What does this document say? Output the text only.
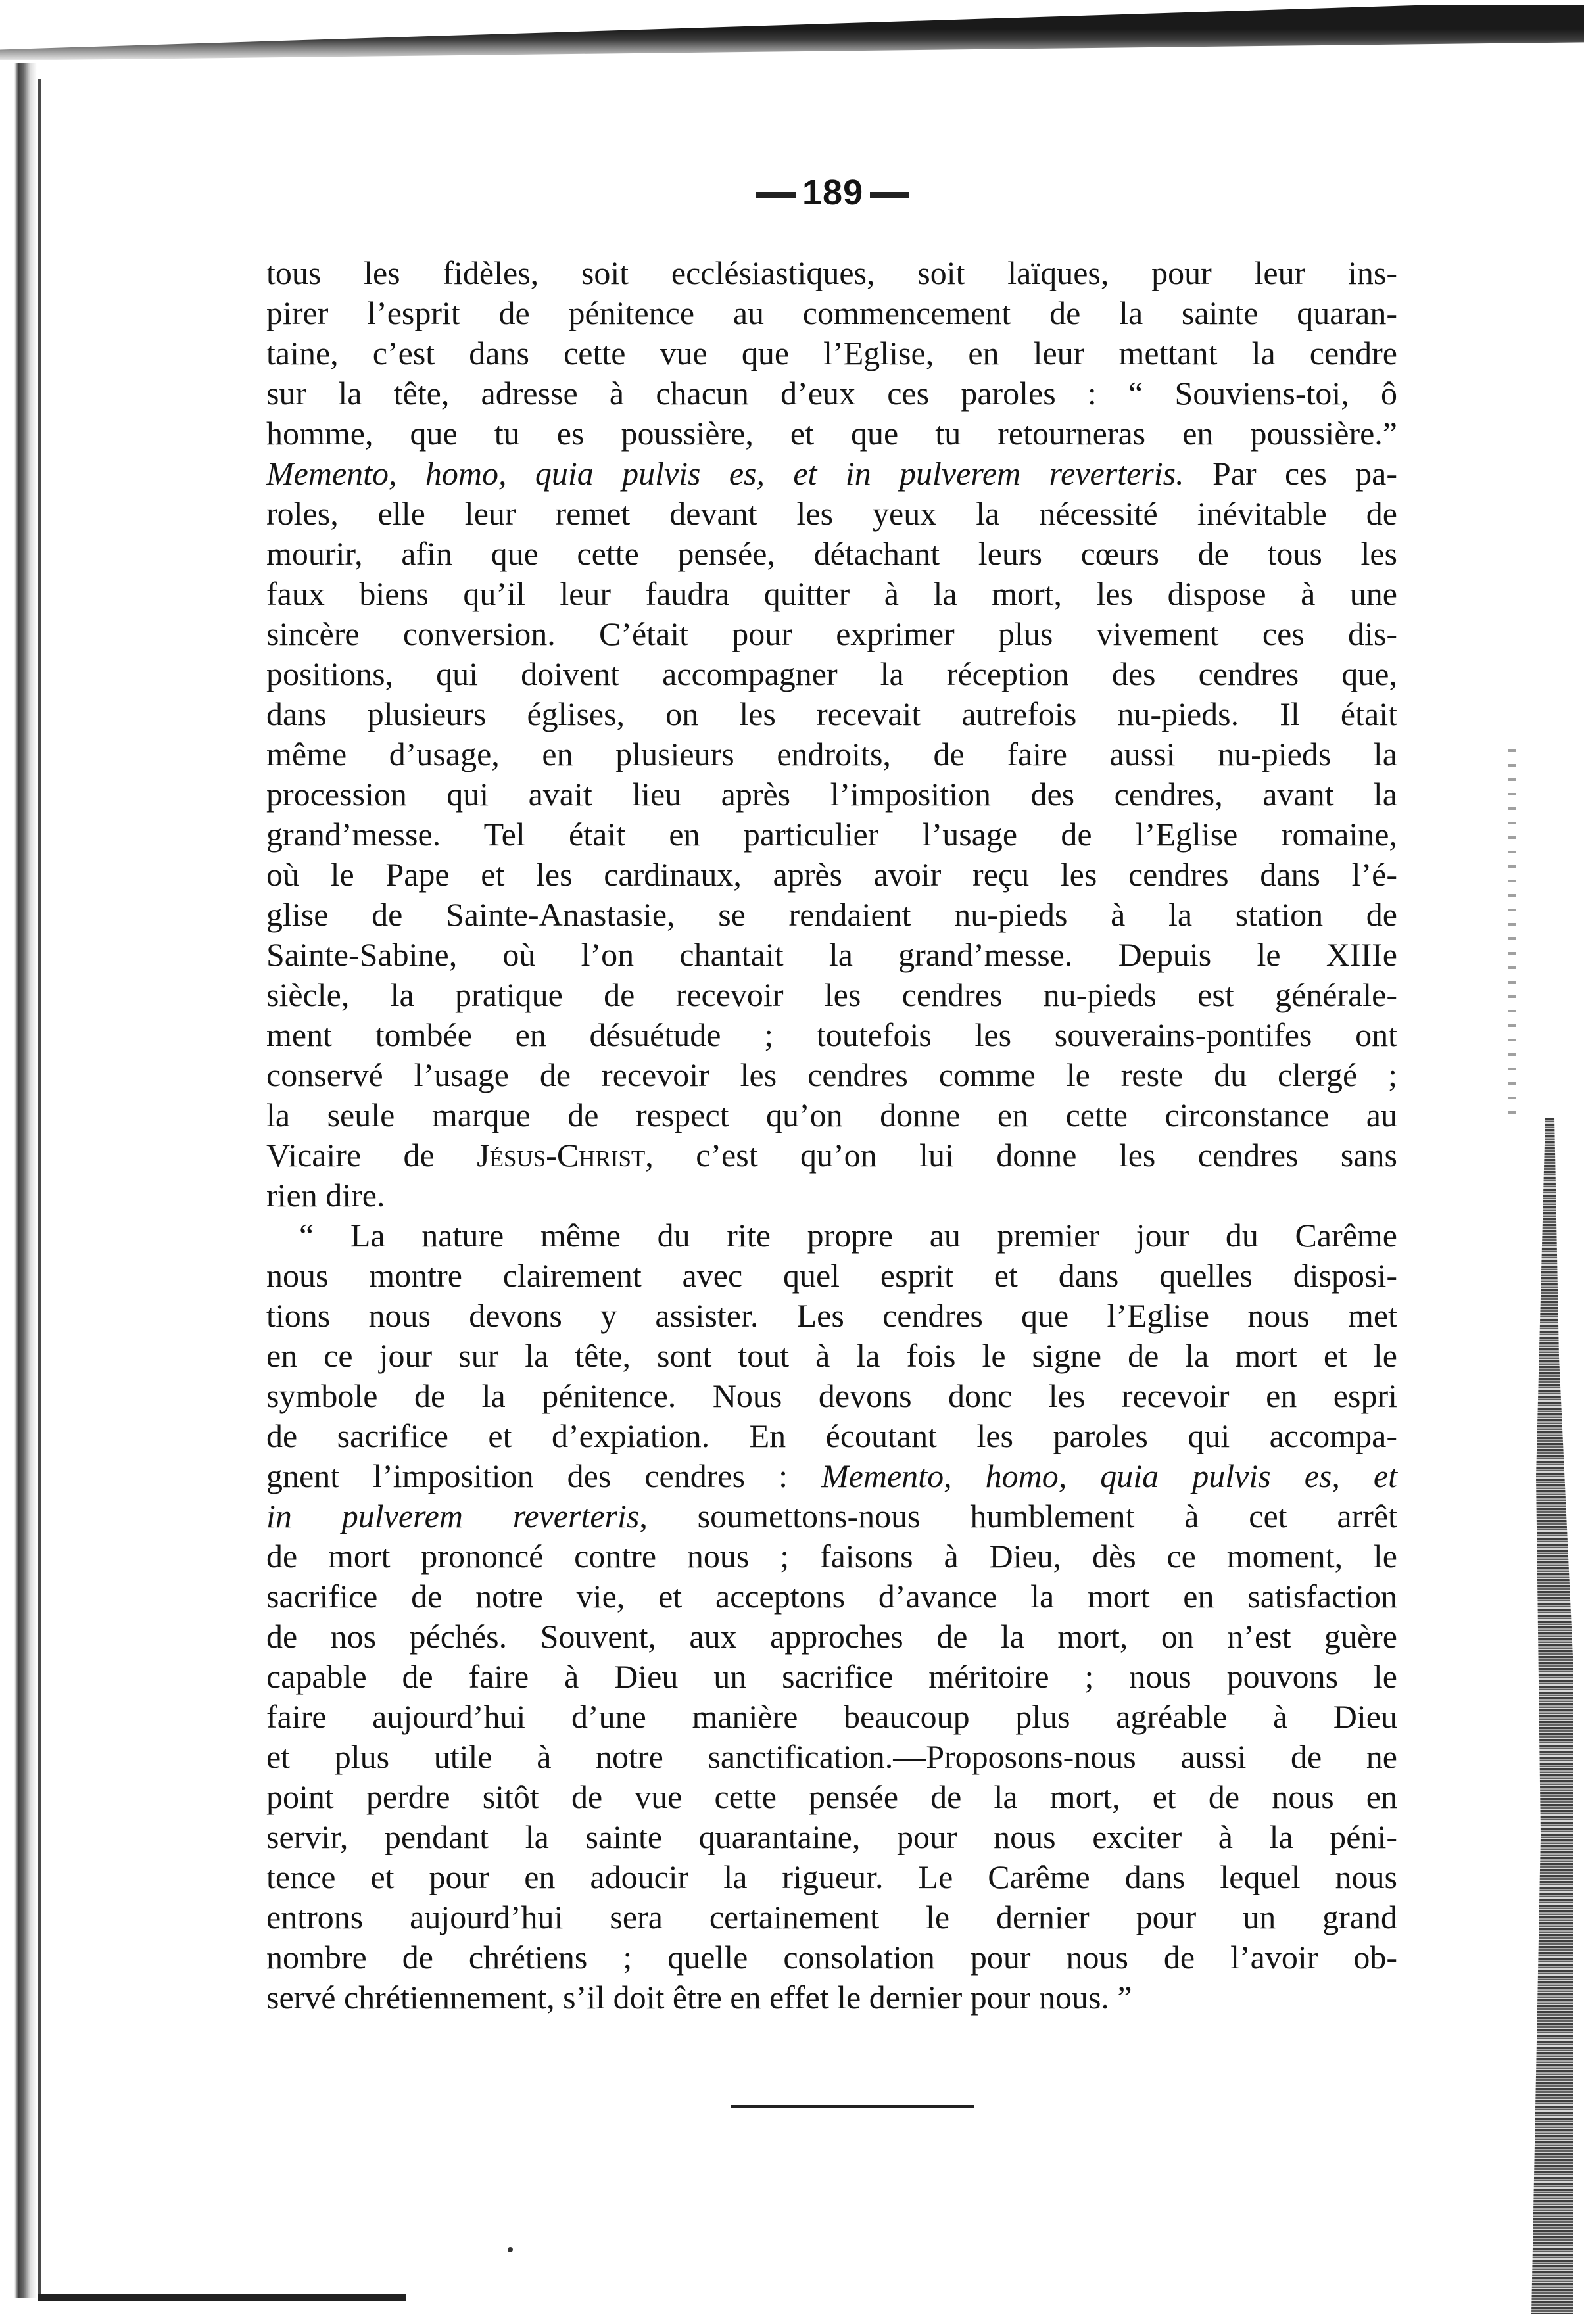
189
tous les fidèles, soit ecclésiastiques, soit laïques, pour leur ins-
pirer l’esprit de pénitence au commencement de la sainte quaran-
taine, c’est dans cette vue que l’Eglise, en leur mettant la cendre
sur la tête, adresse à chacun d’eux ces paroles : “ Souviens-toi, ô
homme, que tu es poussière, et que tu retourneras en poussière.”
Memento, homo, quia pulvis es, et in pulverem reverteris. Par ces pa-
roles, elle leur remet devant les yeux la nécessité inévitable de
mourir, afin que cette pensée, détachant leurs cœurs de tous les
faux biens qu’il leur faudra quitter à la mort, les dispose à une
sincère conversion. C’était pour exprimer plus vivement ces dis-
positions, qui doivent accompagner la réception des cendres que,
dans plusieurs églises, on les recevait autrefois nu-pieds. Il était
même d’usage, en plusieurs endroits, de faire aussi nu-pieds la
procession qui avait lieu après l’imposition des cendres, avant la
grand’messe. Tel était en particulier l’usage de l’Eglise romaine,
où le Pape et les cardinaux, après avoir reçu les cendres dans l’é-
glise de Sainte-Anastasie, se rendaient nu-pieds à la station de
Sainte-Sabine, où l’on chantait la grand’messe. Depuis le XIIIe
siècle, la pratique de recevoir les cendres nu-pieds est générale-
ment tombée en désuétude ; toutefois les souverains-pontifes ont
conservé l’usage de recevoir les cendres comme le reste du clergé ;
la seule marque de respect qu’on donne en cette circonstance au
Vicaire de Jésus-Christ, c’est qu’on lui donne les cendres sans
rien dire.
“ La nature même du rite propre au premier jour du Carême
nous montre clairement avec quel esprit et dans quelles disposi-
tions nous devons y assister. Les cendres que l’Eglise nous met
en ce jour sur la tête, sont tout à la fois le signe de la mort et le
symbole de la pénitence. Nous devons donc les recevoir en espri
de sacrifice et d’expiation. En écoutant les paroles qui accompa-
gnent l’imposition des cendres : Memento, homo, quia pulvis es, et
in pulverem reverteris, soumettons-nous humblement à cet arrêt
de mort prononcé contre nous ; faisons à Dieu, dès ce moment, le
sacrifice de notre vie, et acceptons d’avance la mort en satisfaction
de nos péchés. Souvent, aux approches de la mort, on n’est guère
capable de faire à Dieu un sacrifice méritoire ; nous pouvons le
faire aujourd’hui d’une manière beaucoup plus agréable à Dieu
et plus utile à notre sanctification.—Proposons-nous aussi de ne
point perdre sitôt de vue cette pensée de la mort, et de nous en
servir, pendant la sainte quarantaine, pour nous exciter à la péni-
tence et pour en adoucir la rigueur. Le Carême dans lequel nous
entrons aujourd’hui sera certainement le dernier pour un grand
nombre de chrétiens ; quelle consolation pour nous de l’avoir ob-
servé chrétiennement, s’il doit être en effet le dernier pour nous. ”
